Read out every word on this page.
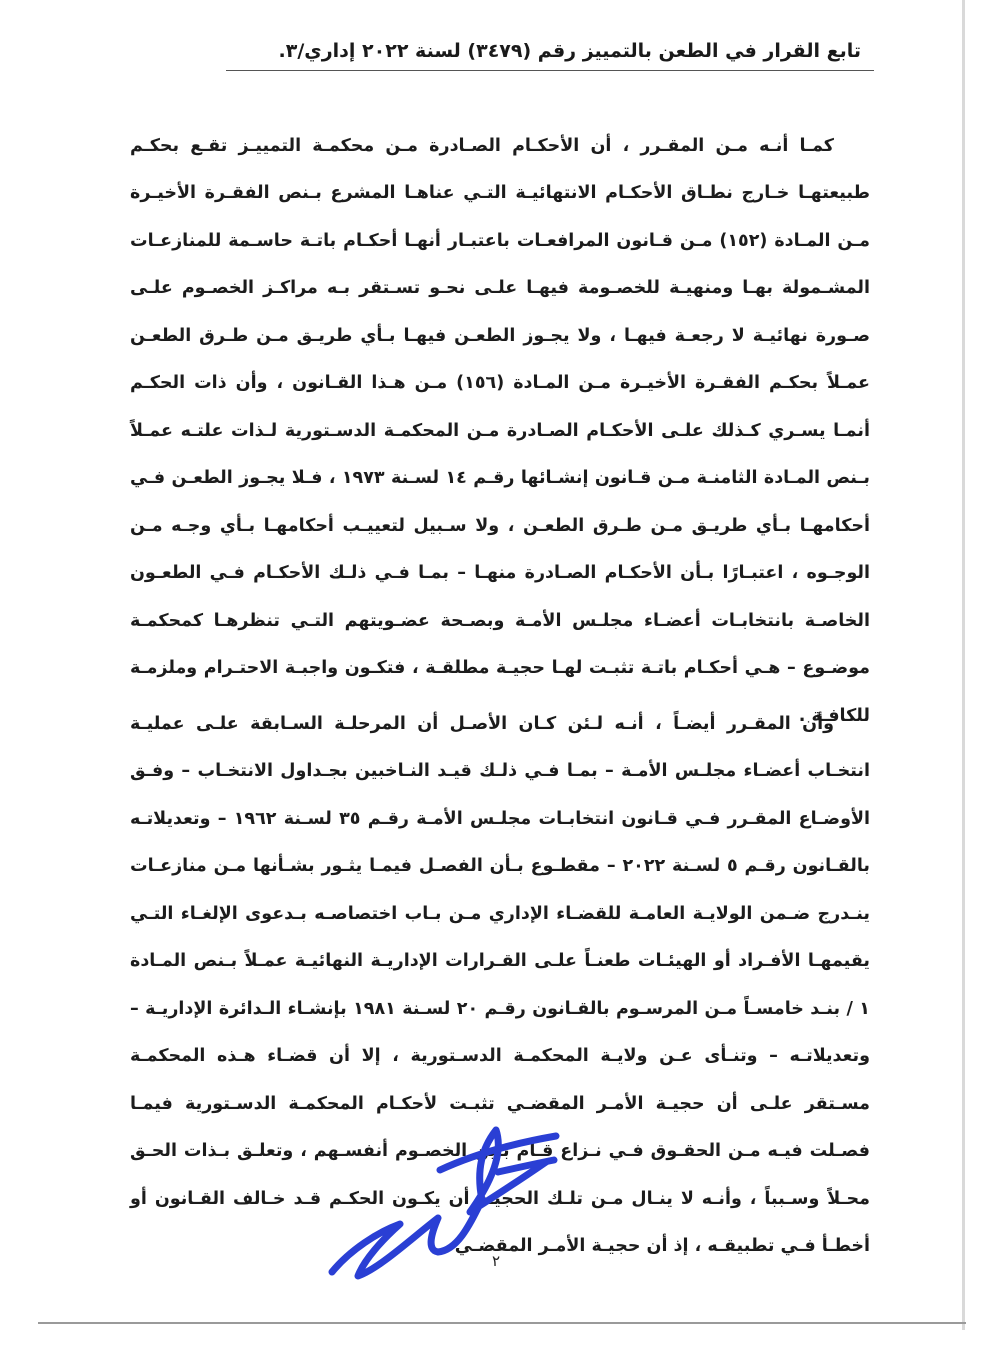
تابع القرار في الطعن بالتمييز رقم (٣٤٧٩) لسنة ٢٠٢٢ إداري/٣.

كمـا أنـه مـن المقـرر ، أن الأحكـام الصـادرة مـن محكمـة التمييـز تقـع بحكـم طبيعتهـا خـارج نطـاق الأحكـام الانتهائيـة التـي عناهـا المشرع بـنص الفقـرة الأخيـرة مـن المـادة (١٥٢) مـن قـانون المرافعـات باعتبـار أنهـا أحكـام باتـة حاسـمة للمنازعـات المشـمولة بهـا ومنهيـة للخصـومة فيهـا علـى نحـو تسـتقر بـه مراكـز الخصـوم علـى صـورة نهائيـة لا رجعـة فيهـا ، ولا يجـوز الطعـن فيهـا بـأي طريـق مـن طـرق الطعـن عمـلاً بحكـم الفقـرة الأخيـرة مـن المـادة (١٥٦) مـن هـذا القـانون ، وأن ذات الحكـم أنمـا يسـري كـذلك علـى الأحكـام الصـادرة مـن المحكمـة الدسـتورية لـذات علتـه عمـلاً بـنص المـادة الثامنـة مـن قـانون إنشـائها رقـم ١٤ لسـنة ١٩٧٣ ، فـلا يجـوز الطعـن فـي أحكامهـا بـأي طريـق مـن طـرق الطعـن ، ولا سـبيل لتعييـب أحكامهـا بـأي وجـه مـن الوجـوه ، اعتبـارًا بـأن الأحكـام الصـادرة منهـا – بمـا فـي ذلـك الأحكـام فـي الطعـون الخاصـة بانتخابـات أعضـاء مجلـس الأمـة وبصـحة عضـويتهم التـي تنظرهـا كمحكمـة موضـوع – هـي أحكـام باتـة تثبـت لهـا حجيـة مطلقـة ، فتكـون واجبـة الاحتـرام وملزمـة للكافـة .

وأن المقـرر أيضـاً ، أنـه لـئن كـان الأصـل أن المرحلـة السـابقة علـى عمليـة انتخـاب أعضـاء مجلـس الأمـة – بمـا فـي ذلـك قيـد النـاخبين بجـداول الانتخـاب – وفـق الأوضـاع المقـرر فـي قـانون انتخابـات مجلـس الأمـة رقـم ٣٥ لسـنة ١٩٦٢ – وتعديلاتـه بالقـانون رقـم ٥ لسـنة ٢٠٢٢ – مقطـوع بـأن الفصـل فيمـا يثـور بشـأنها مـن منازعـات ينـدرج ضـمن الولايـة العامـة للقضـاء الإداري مـن بـاب اختصاصـه بـدعوى الإلغـاء التـي يقيمهـا الأفـراد أو الهيئـات طعنـاً علـى القـرارات الإداريـة النهائيـة عمـلاً بـنص المـادة ١ / بنـد خامسـاً مـن المرسـوم بالقـانون رقـم ٢٠ لسـنة ١٩٨١ بإنشـاء الـدائرة الإداريـة – وتعديلاتـه – وتنـأى عـن ولايـة المحكمـة الدسـتورية ، إلا أن قضـاء هـذه المحكمـة مسـتقر علـى أن حجيـة الأمـر المقضـي تثبـت لأحكـام المحكمـة الدسـتورية فيمـا فصـلت فيـه مـن الحقـوق فـي نـزاع قـام بـين الخصـوم أنفسـهم ، وتعلـق بـذات الحـق محـلاً وسـبباً ، وأنـه لا ينـال مـن تلـك الحجيـة أن يكـون الحكـم قـد خـالف القـانون أو أخطـأ فـي تطبيقـه ، إذ أن حجيـة الأمـر المقضـي

٢
